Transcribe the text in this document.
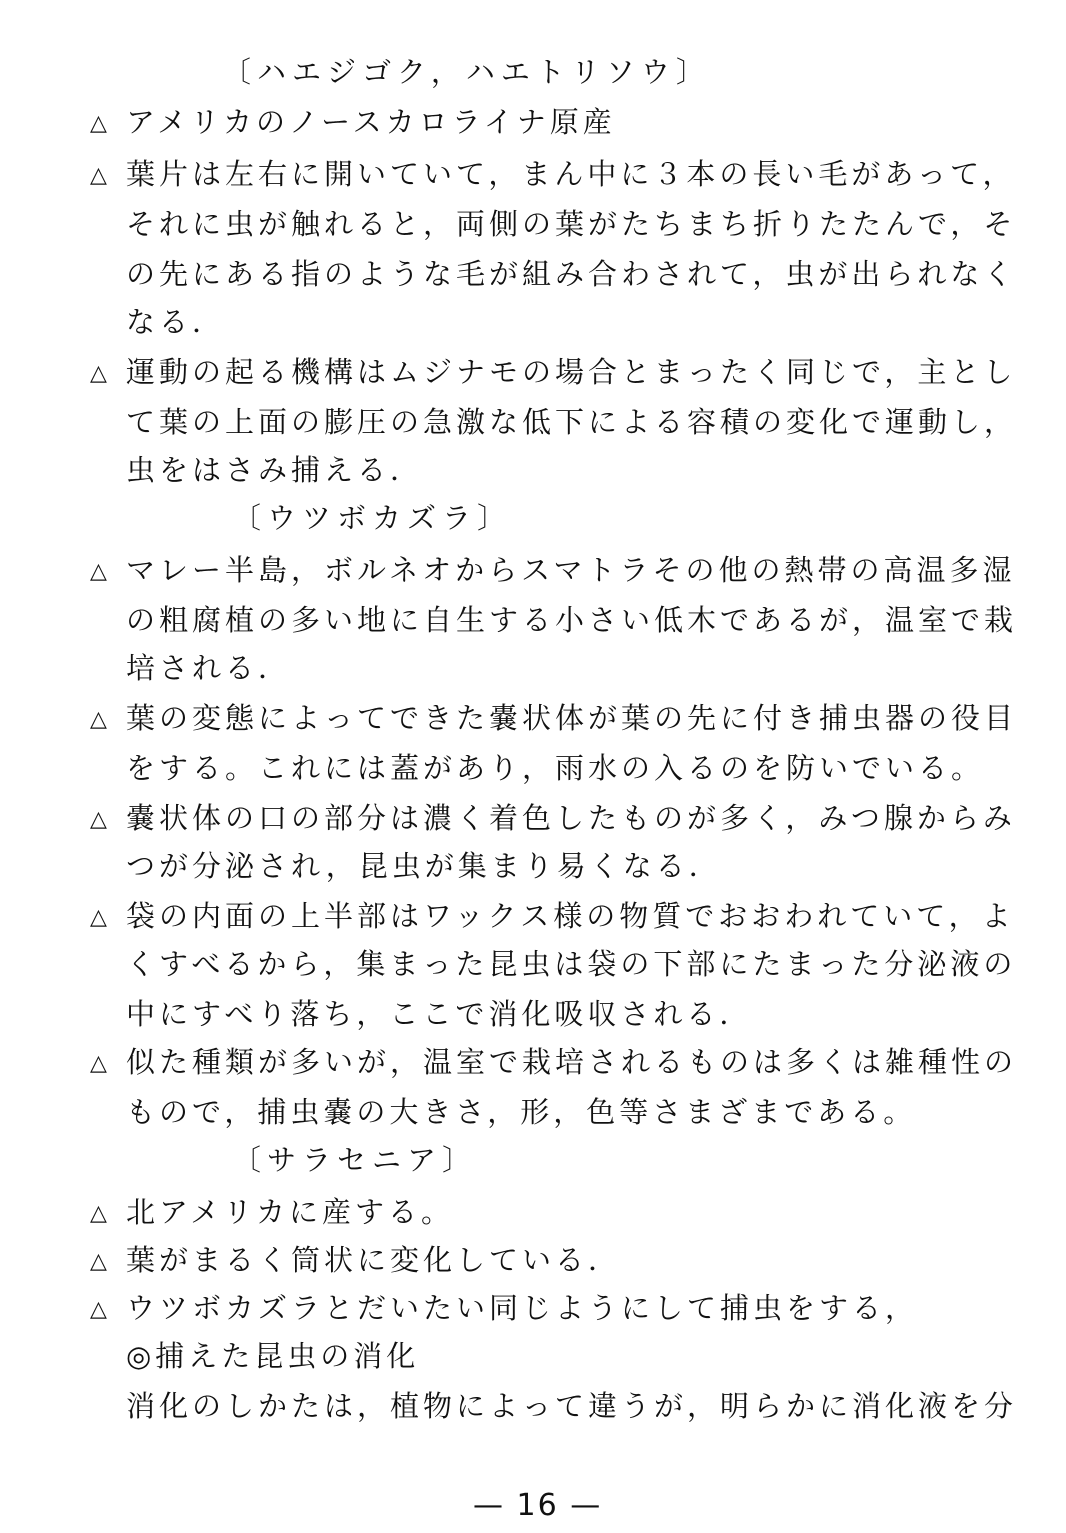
〔ハエジゴク，ハエトリソウ〕
△ アメリカのノースカロライナ原産
△ 葉片は左右に開いていて，まん中に３本の長い毛があって，
それに虫が触れると，両側の葉がたちまち折りたたんで，そ
の先にある指のような毛が組み合わされて，虫が出られなく
なる．
△ 運動の起る機構はムジナモの場合とまったく同じで，主とし
て葉の上面の膨圧の急激な低下による容積の変化で運動し，
虫をはさみ捕える．
〔ウツボカズラ〕
△ マレー半島，ボルネオからスマトラその他の熱帯の高温多湿
の粗腐植の多い地に自生する小さい低木であるが，温室で栽
培される．
△ 葉の変態によってできた嚢状体が葉の先に付き捕虫器の役目
をする。これには蓋があり，雨水の入るのを防いでいる。
△ 嚢状体の口の部分は濃く着色したものが多く，みつ腺からみ
つが分泌され，昆虫が集まり易くなる．
△ 袋の内面の上半部はワックス様の物質でおおわれていて，よ
くすべるから，集まった昆虫は袋の下部にたまった分泌液の
中にすべり落ち，ここで消化吸収される．
△ 似た種類が多いが，温室で栽培されるものは多くは雑種性の
もので，捕虫嚢の大きさ，形，色等さまざまである。
〔サラセニア〕
△ 北アメリカに産する。
△ 葉がまるく筒状に変化している．
△ ウツボカズラとだいたい同じようにして捕虫をする，
◎捕えた昆虫の消化
消化のしかたは，植物によって違うが，明らかに消化液を分
— 16 —
